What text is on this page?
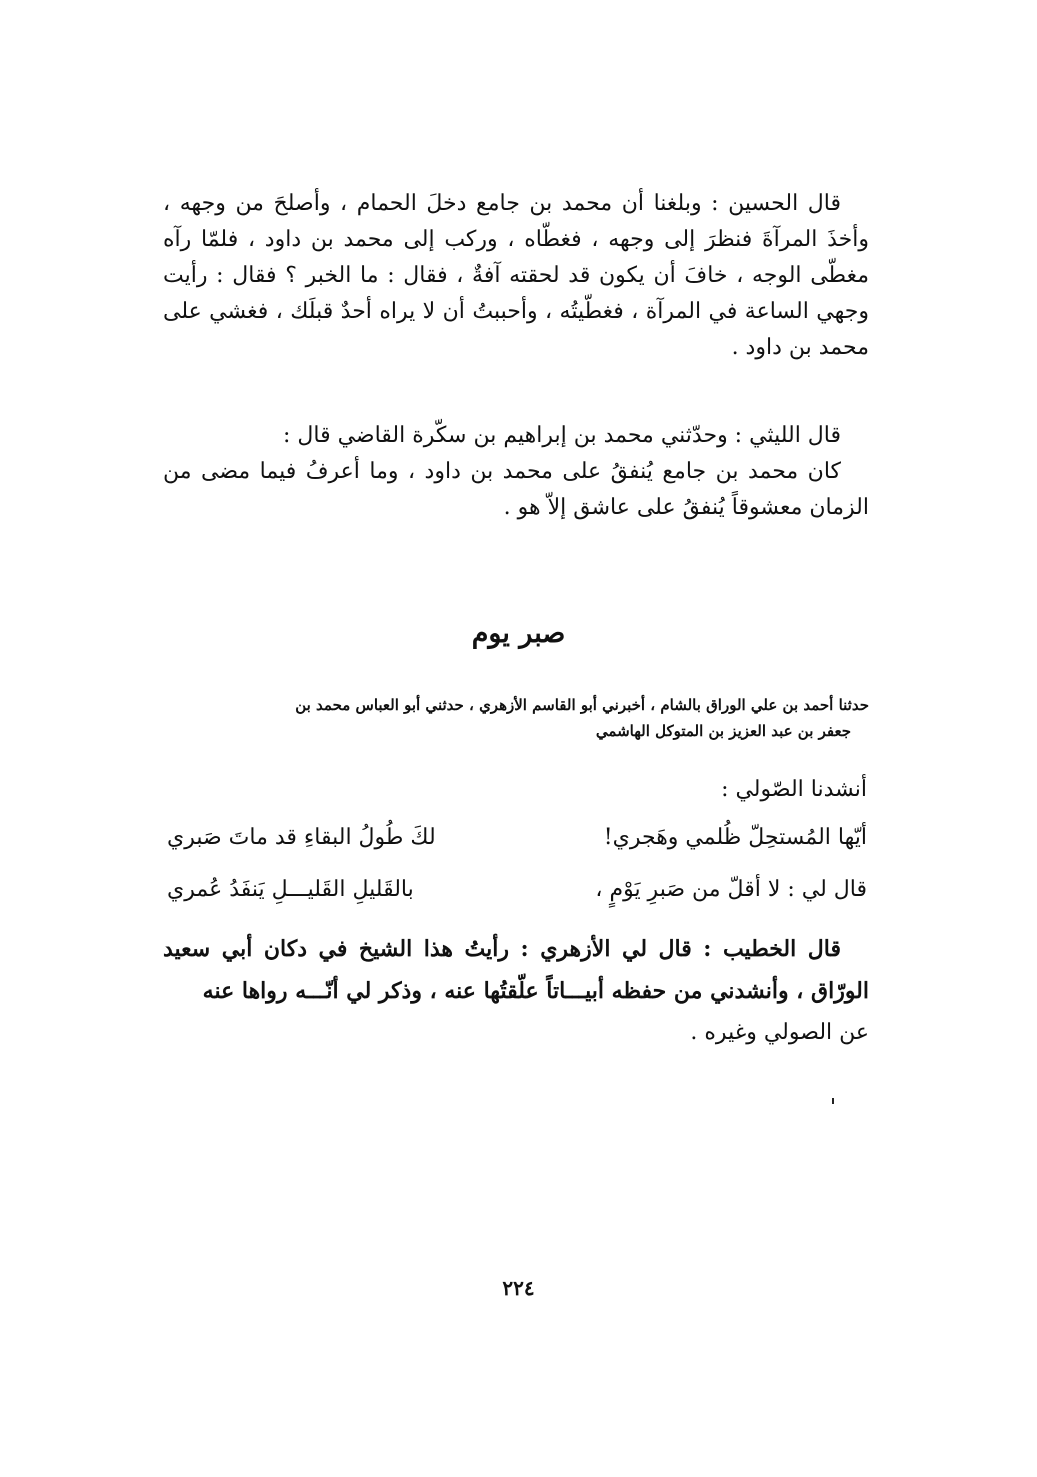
قال الحسين : وبلغنا أن محمد بن جامع دخلَ الحمام ، وأصلحَ من وجهه ، وأخذَ المرآةَ فنظرَ إلى وجهه ، فغطّاه ، وركب إلى محمد بن داود ، فلمّا رآه مغطّى الوجه ، خافَ أن يكون قد لحقته آفةٌ ، فقال : ما الخبر ؟ فقال : رأيت وجهي الساعة في المرآة ، فغطّيتُه ، وأحببتُ أن لا يراه أحدٌ قبلَك ، فغشي على محمد بن داود .

قال الليثي : وحدّثني محمد بن إبراهيم بن سكّرة القاضي قال :

كان محمد بن جامع يُنفقُ على محمد بن داود ، وما أعرفُ فيما مضى من الزمان معشوقاً يُنفقُ على عاشق إلاّ هو .

صبر يوم
حدثنا أحمد بن علي الوراق بالشام ، أخبرني أبو القاسم الأزهري ، حدثني أبو العباس محمد بن
جعفر بن عبد العزيز بن المتوكل الهاشمي
أنشدنا الصّولي :
أيّها المُستحِلّ ظُلمي وهَجري!
لكَ طُولُ البقاءِ قد ماتَ صَبري
قال لي : لا أقلّ من صَبرِ يَوْمٍ ،
بالقَليلِ القَليـــلِ يَنفَدُ عُمري
قال الخطيب : قال لي الأزهري : رأيتُ هذا الشيخ في دكان أبي سعيد الورّاق ، وأنشدني من حفظه أبيـــاتاً علّقتُها عنه ، وذكر لي أنّـــه رواها عنه
عن الصولي وغيره .
٢٢٤
